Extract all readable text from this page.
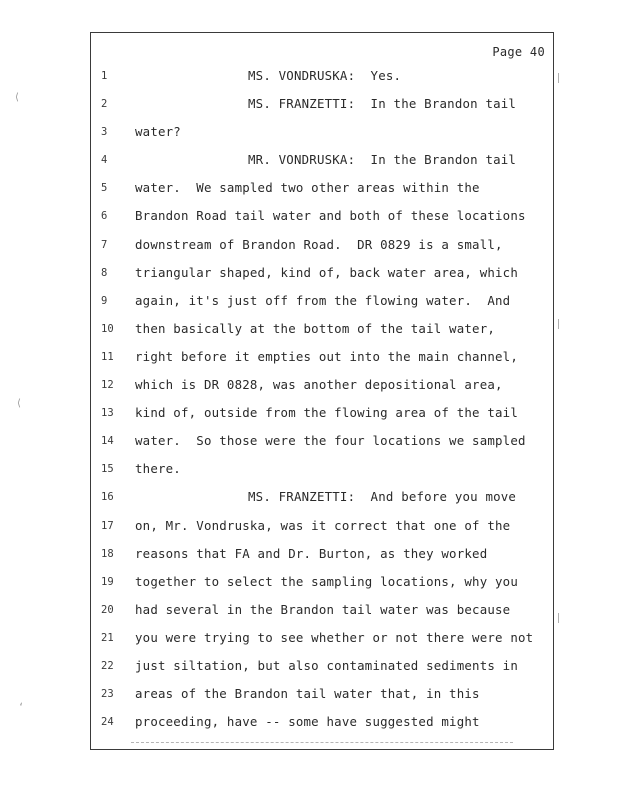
⟨
⟨
ʻ
Page 40
1	MS. VONDRUSKA:  Yes.
2	MS. FRANZETTI:  In the Brandon tail
3	water?
4	MR. VONDRUSKA:  In the Brandon tail
5	water.  We sampled two other areas within the
6	Brandon Road tail water and both of these locations
7	downstream of Brandon Road.  DR 0829 is a small,
8	triangular shaped, kind of, back water area, which
9	again, it's just off from the flowing water.  And
10	then basically at the bottom of the tail water,
11	right before it empties out into the main channel,
12	which is DR 0828, was another depositional area,
13	kind of, outside from the flowing area of the tail
14	water.  So those were the four locations we sampled
15	there.
16	MS. FRANZETTI:  And before you move
17	on, Mr. Vondruska, was it correct that one of the
18	reasons that FA and Dr. Burton, as they worked
19	together to select the sampling locations, why you
20	had several in the Brandon tail water was because
21	you were trying to see whether or not there were not
22	just siltation, but also contaminated sediments in
23	areas of the Brandon tail water that, in this
24	proceeding, have -- some have suggested might
